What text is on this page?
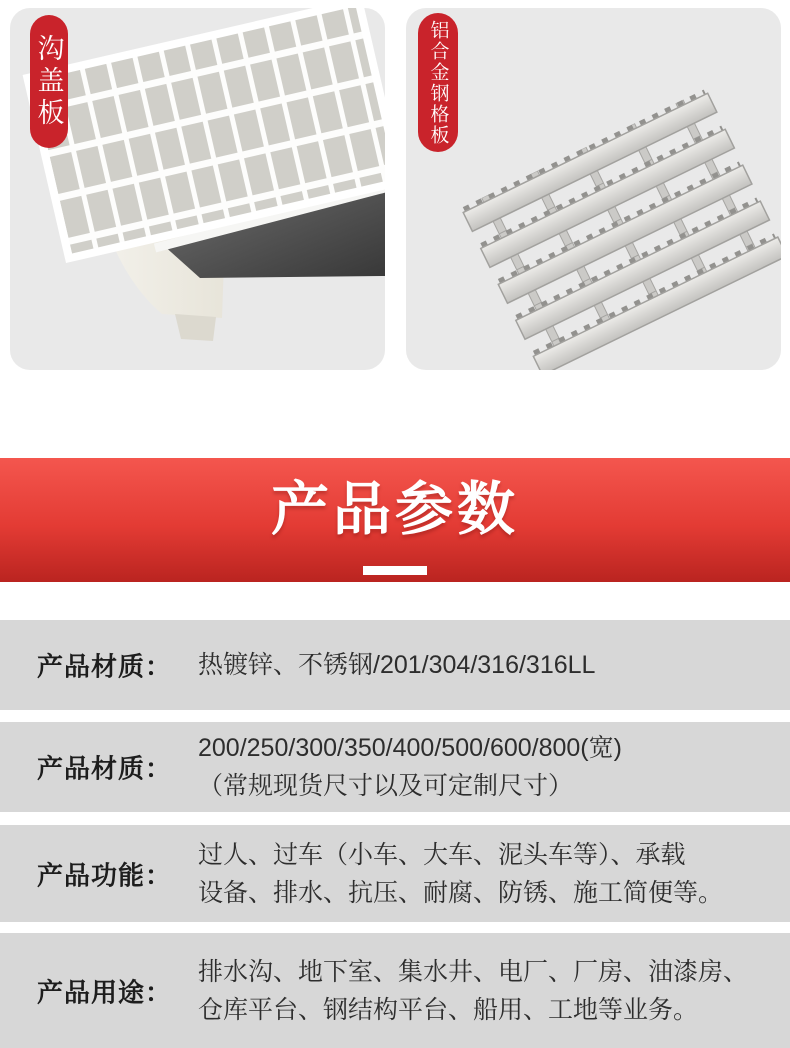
沟盖板	铝合金钢格板
产品参数
产品材质： 热镀锌、不锈钢/201/304/316/316LL
产品材质：
200/250/300/350/400/500/600/800(宽)
（常规现货尺寸以及可定制尺寸）
产品功能：
过人、过车（小车、大车、泥头车等）、承载
设备、排水、抗压、耐腐、防锈、施工简便等。
产品用途：
排水沟、地下室、集水井、电厂、厂房、油漆房、
仓库平台、钢结构平台、船用、工地等业务。
